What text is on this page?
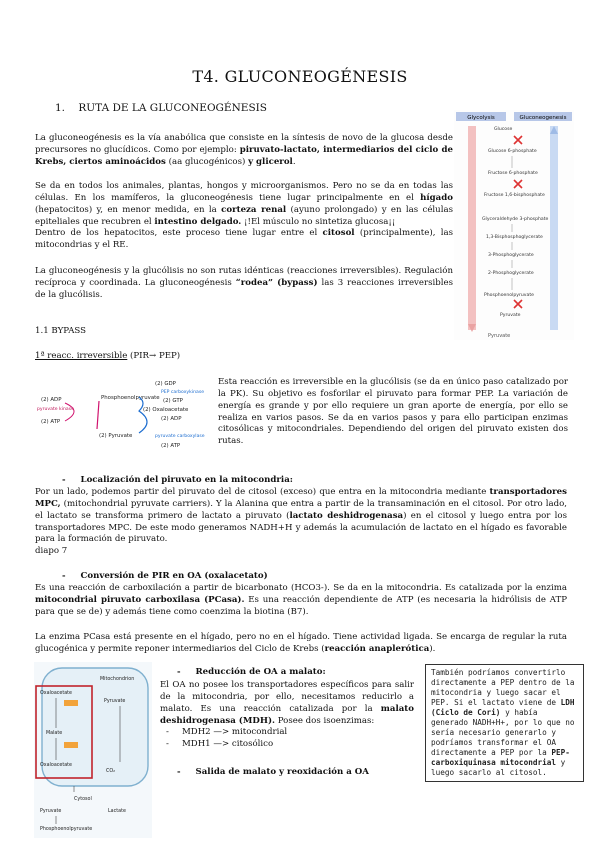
T4. GLUCONEOGÉNESIS
1. RUTA DE LA GLUCONEOGÉNESIS

La gluconeogénesis es la vía anabólica que consiste en la síntesis de novo de la glucosa desde precursores no glucídicos. Como por ejemplo: piruvato-lactato, intermediarios del ciclo de Krebs, ciertos aminoácidos (aa glucogénicos) y glicerol.

Se da en todos los animales, plantas, hongos y microorganismos. Pero no se da en todas las células. En los mamíferos, la gluconeogénesis tiene lugar principalmente en el hígado (hepatocitos) y, en menor medida, en la corteza renal (ayuno prolongado) y en las células epiteliales que recubren el intestino delgado. ¡!El músculo no sintetiza glucosa¡¡
Dentro de los hepatocitos, este proceso tiene lugar entre el citosol (principalmente), las mitocondrias y el RE.

La gluconeogénesis y la glucólisis no son rutas idénticas (reacciones irreversibles). Regulación recíproca y coordinada. La gluconeogénesis “rodea” (bypass) las 3 reacciones irreversibles de la glucólisis.

Glycolysis	Gluconeogenesis
Glucose
Glucose 6-phosphate
Fructose 6-phosphate
Fructose 1,6-bisphosphate
Glyceraldehyde 3-phosphate
1,3-Bisphosphoglycerate
3-Phosphoglycerate
2-Phosphoglycerate
Phosphoenolpyruvate
Pyruvate
Pyruvate
1.1 BYPASS
1ª reacc. irreversible (PIR→ PEP)
(2) ADP
pyruvate kinase
(2) ATP
Phosphoenolpyruvate
(2) Pyruvate
(2) GDP
PEP carboxykinase
(2) GTP
(2) Oxaloacetate
(2) ADP
pyruvate carboxylase
(2) ATP

Esta reacción es irreversible en la glucólisis (se da en único paso catalizado por la PK). Su objetivo es fosforilar el piruvato para formar PEP. La variación de energía es grande y por ello requiere un gran aporte de energía, por ello se realiza en varios pasos. Se da en varios pasos y para ello participan enzimas citosólicas y mitocondriales. Dependiendo del origen del piruvato existen dos rutas.

-     Localización del piruvato en la mitocondria:

Por un lado, podemos partir del piruvato del de citosol (exceso) que entra en la mitocondria mediante transportadores MPC, (mitochondrial pyruvate carriers). Y la Alanina que entra a partir de la transaminación en el citosol. Por otro lado, el lactato se transforma primero de lactato a piruvato (lactato deshidrogenasa) en el citosol y luego entra por los transportadores MPC. De este modo generamos NADH+H y además la acumulación de lactato en el hígado es favorable para la formación de piruvato.
diapo 7

-     Conversión de PIR en OA (oxalacetato)

Es una reacción de carboxilación a partir de bicarbonato (HCO3-). Se da en la mitocondria. Es catalizada por la enzima mitocondrial piruvato carboxilasa (PCasa). Es una reacción dependiente de ATP (es necesaria la hidrólisis de ATP para que se de) y además tiene como coenzima la biotina (B7).

La enzima PCasa está presente en el hígado, pero no en el hígado. Tiene actividad ligada. Se encarga de regular la ruta glucogénica y permite reponer intermediarios del Ciclo de Krebs (reacción anaplerótica).

Oxaloacetate
Malate
Oxaloacetate
Pyruvate
CO₂
Mitochondrion
Cytosol
Lactate
Pyruvate
Phosphoenolpyruvate
-     Reducción de OA a malato:

El OA no posee los transportadores específicos para salir de la mitocondria, por ello, necesitamos reducirlo a malato. Es una reacción catalizada por la malato deshidrogenasa (MDH). Posee dos isoenzimas:

- MDH2 —> mitocondrial
- MDH1 —> citosólico
-     Salida de malato y reoxidación a OA
También podríamos convertirlo directamente a PEP dentro de la mitocondria y luego sacar el PEP. Si el lactato viene de LDH (Ciclo de Cori) y había generado NADH+H+, por lo que no sería necesario generarlo y podríamos transformar el OA directamente a PEP por la PEP-carboxiquinasa mitocondrial y luego sacarlo al citosol.
